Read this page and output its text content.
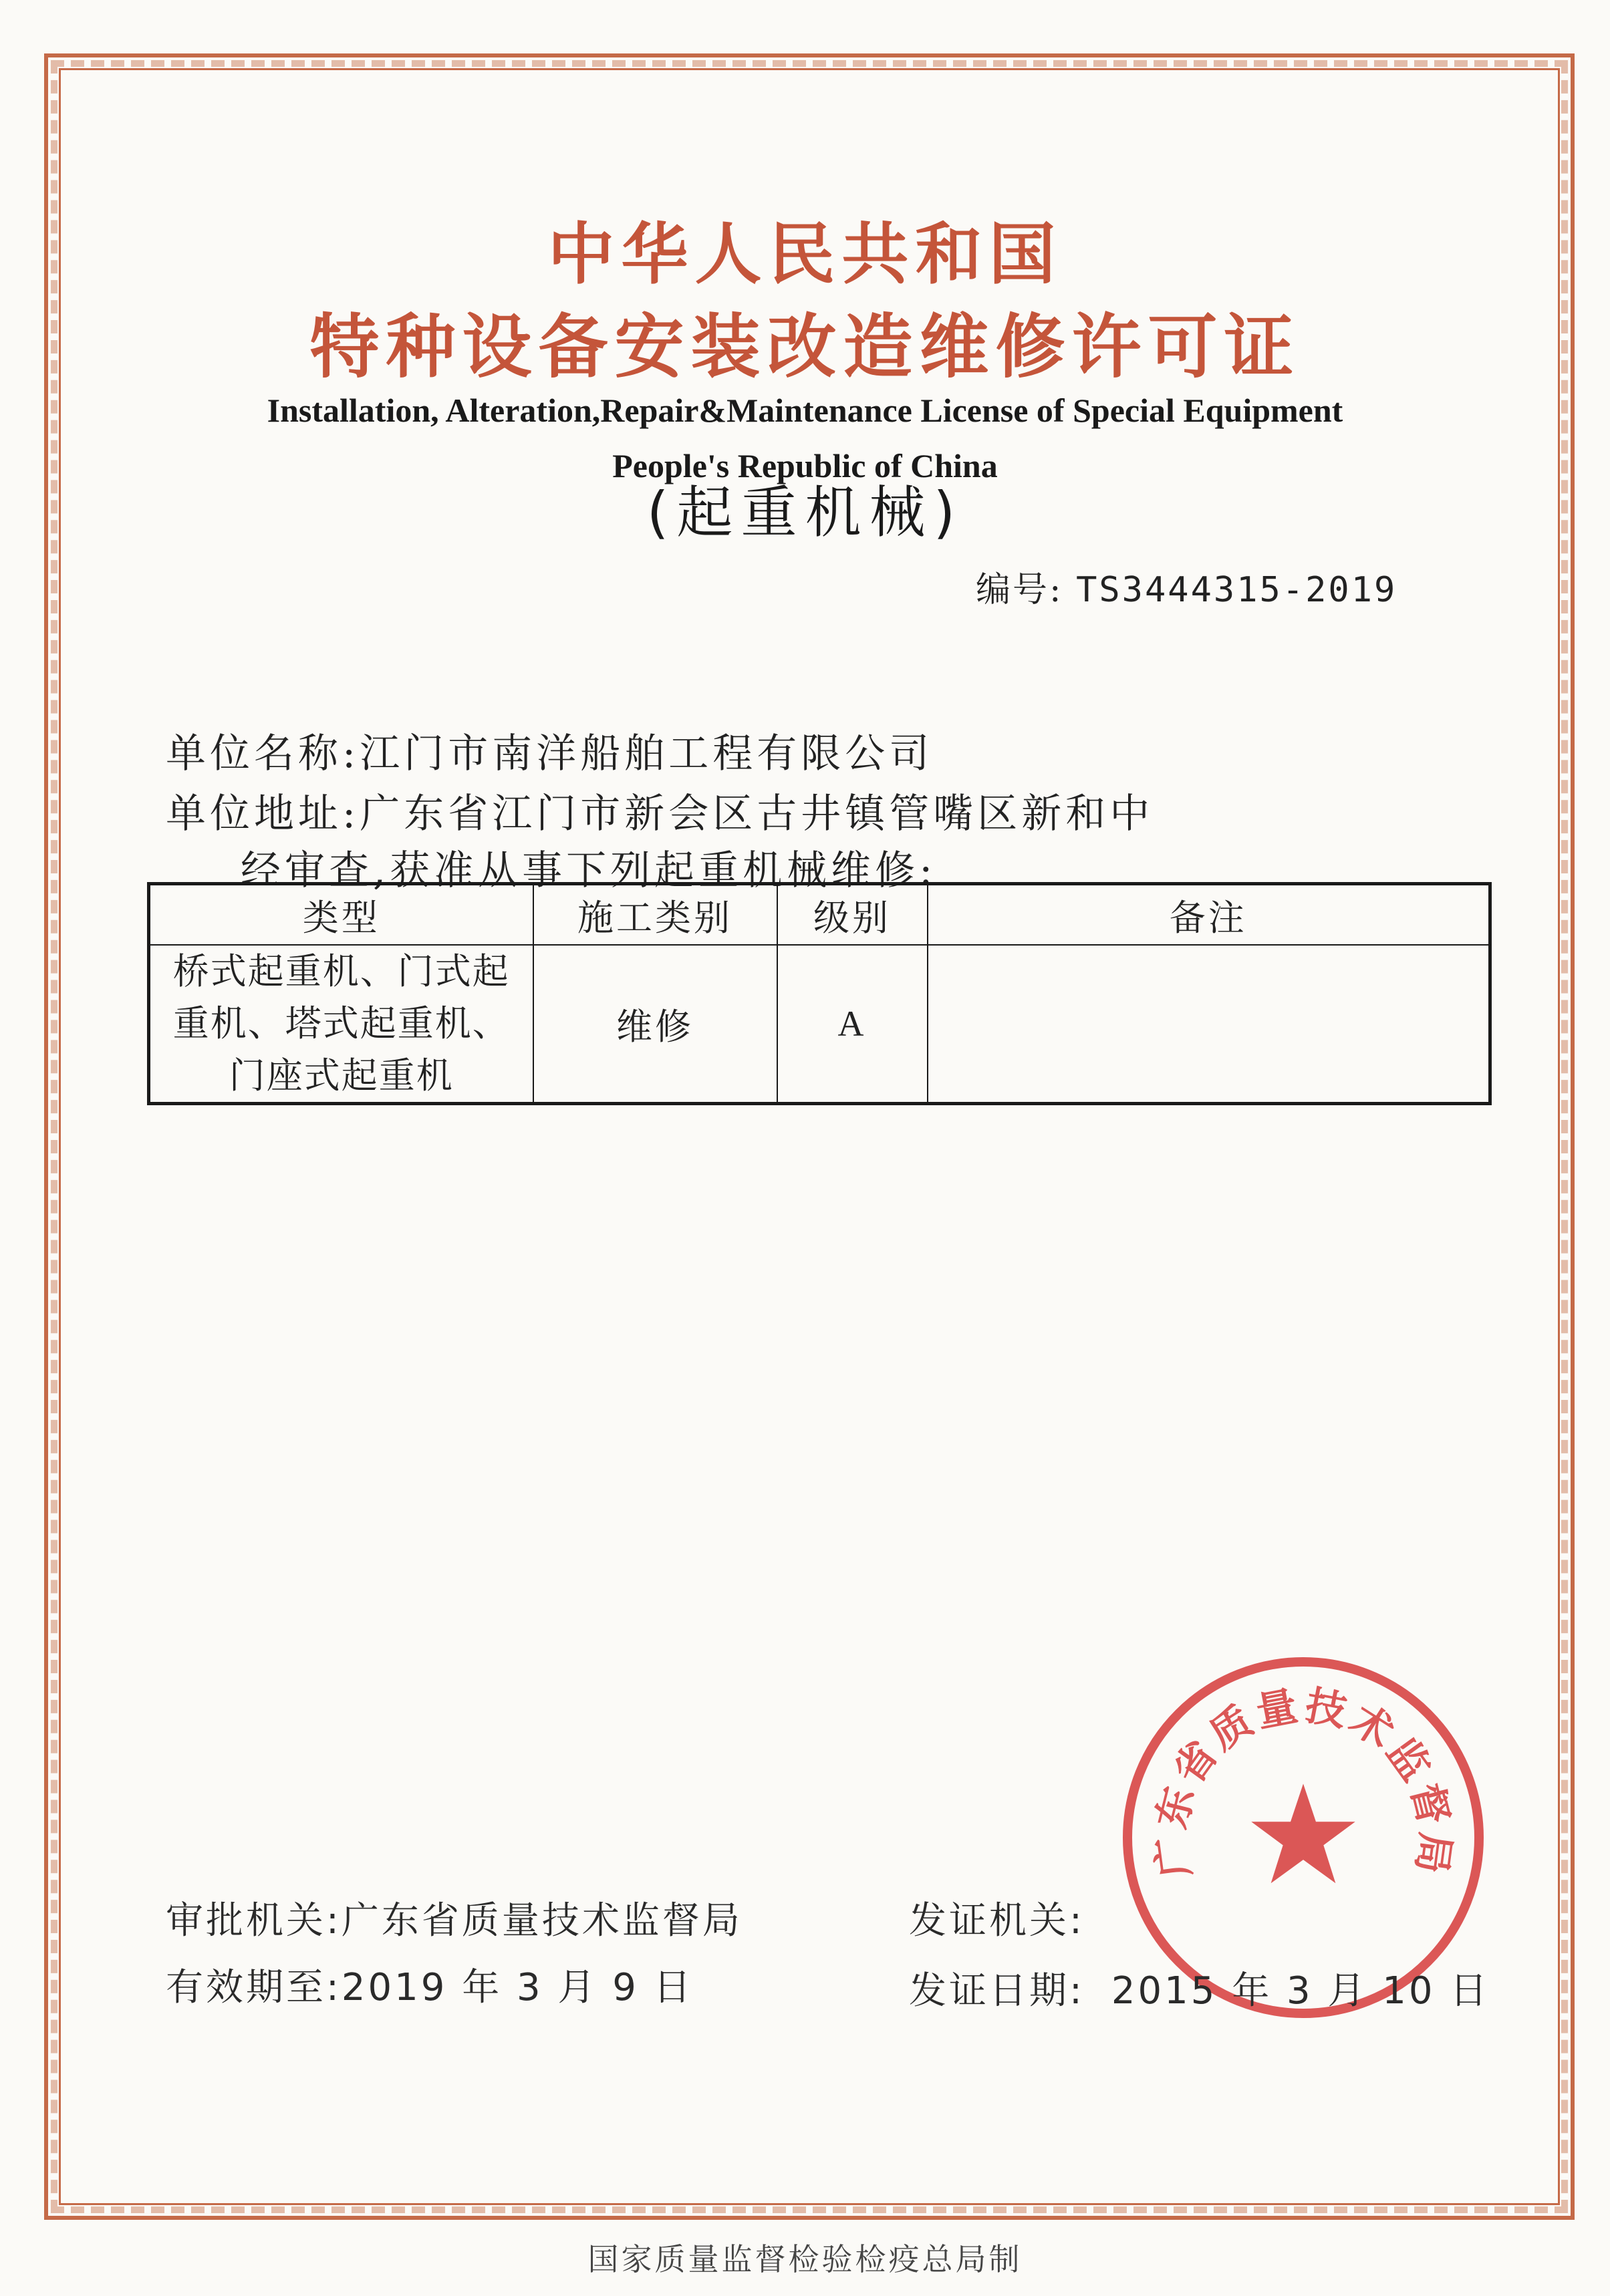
中华人民共和国
特种设备安装改造维修许可证
Installation, Alteration,Repair&Maintenance License of Special Equipment
People's Republic of China
(起重机械)
编号: TS3444315-2019
单位名称:江门市南洋船舶工程有限公司
单位地址:广东省江门市新会区古井镇管嘴区新和中
经审查,获准从事下列起重机械维修:
类型	施工类别	级别	备注

桥式起重机、门式起
重机、塔式起重机、
门座式起重机	维修	A	
广东省质量技术监督局
审批机关:广东省质量技术监督局
有效期至:2019 年 3 月 9 日
发证机关:
发证日期: 2015 年 3 月 10 日
国家质量监督检验检疫总局制
